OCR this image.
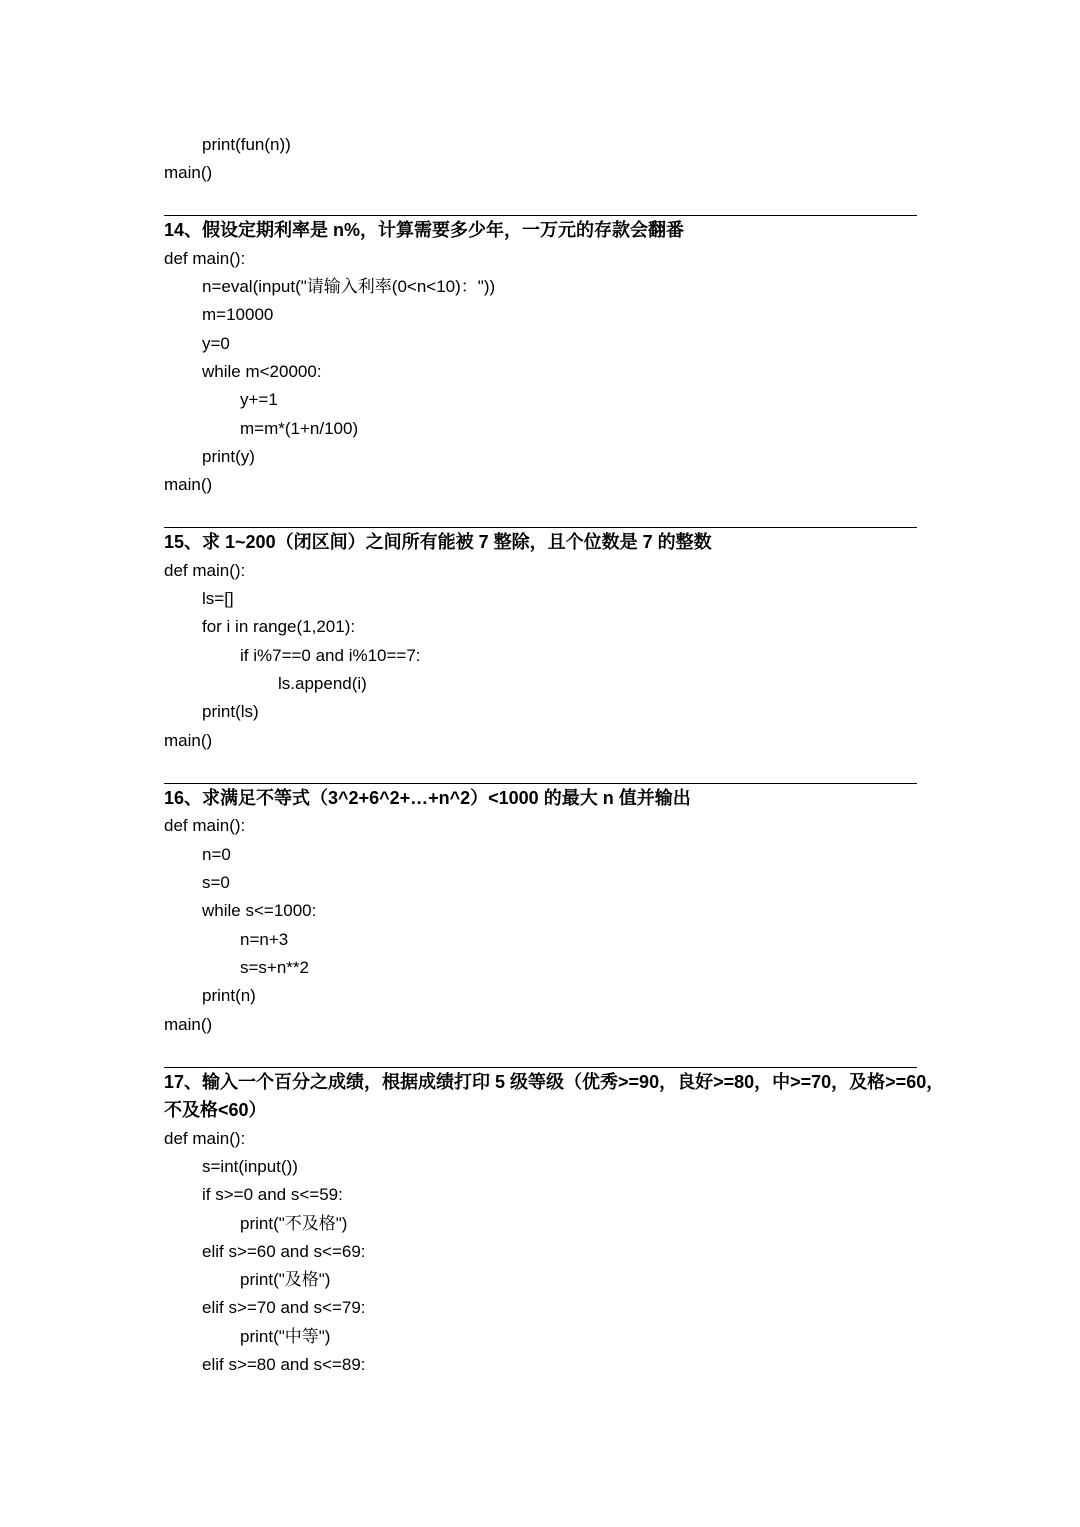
print(fun(n))
main()
14、假设定期利率是 n%，计算需要多少年，一万元的存款会翻番
def main():
n=eval(input("请输入利率(0<n<10)："))
m=10000
y=0
while m<20000:
y+=1
m=m*(1+n/100)
print(y)
main()
15、求 1~200（闭区间）之间所有能被 7 整除，且个位数是 7 的整数
def main():
ls=[]
for i in range(1,201):
if i%7==0 and i%10==7:
ls.append(i)
print(ls)
main()
16、求满足不等式（3^2+6^2+…+n^2）<1000 的最大 n 值并输出
def main():
n=0
s=0
while s<=1000:
n=n+3
s=s+n**2
print(n)
main()
17、输入一个百分之成绩，根据成绩打印 5 级等级（优秀>=90，良好>=80，中>=70，及格>=60，
不及格<60）
def main():
s=int(input())
if s>=0 and s<=59:
print("不及格")
elif s>=60 and s<=69:
print("及格")
elif s>=70 and s<=79:
print("中等")
elif s>=80 and s<=89:
